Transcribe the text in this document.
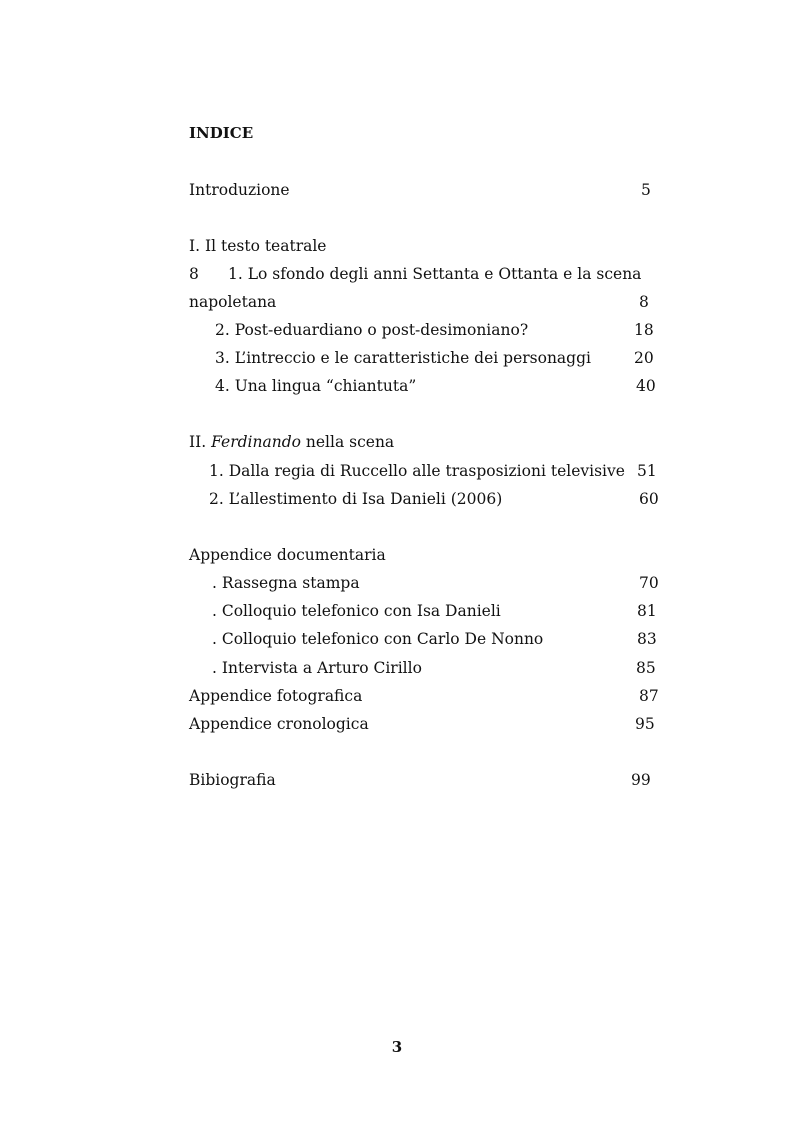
INDICE
Introduzione	5
I. Il testo teatrale
8 1. Lo sfondo degli anni Settanta e Ottanta e la scena
napoletana	8
2. Post-eduardiano o post-desimoniano?	18
3. L’intreccio e le caratteristiche dei personaggi	20
4. Una lingua “chiantuta”	40
II. Ferdinando nella scena
1. Dalla regia di Ruccello alle trasposizioni televisive 51
2. L’allestimento di Isa Danieli (2006)	60
Appendice documentaria
. Rassegna stampa	70
. Colloquio telefonico con Isa Danieli	81
. Colloquio telefonico con Carlo De Nonno	83
. Intervista a Arturo Cirillo	85
Appendice fotografica	87
Appendice cronologica	95
Bibiografia	99
3
